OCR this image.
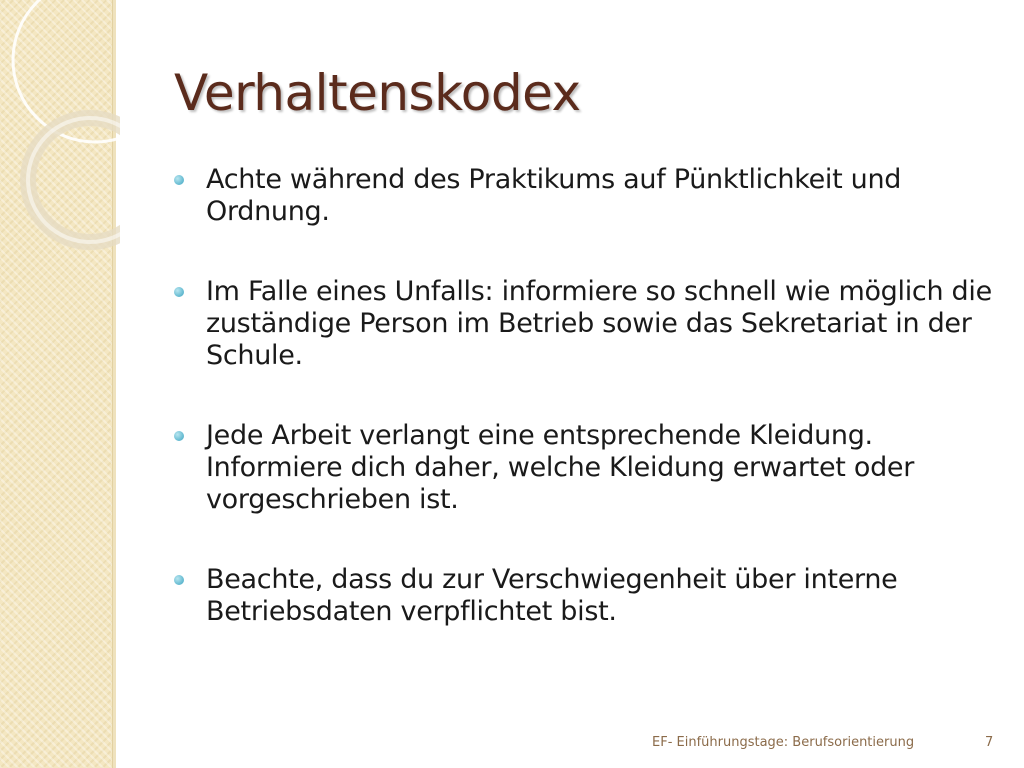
Verhaltenskodex
Achte während des Praktikums auf Pünktlichkeit und Ordnung.
Im Falle eines Unfalls: informiere so schnell wie möglich die zuständige Person im Betrieb sowie das Sekretariat in der Schule.
Jede Arbeit verlangt eine entsprechende Kleidung. Informiere dich daher, welche Kleidung erwartet oder vorgeschrieben ist.
Beachte, dass du zur Verschwiegenheit über interne Betriebsdaten verpflichtet bist.
EF- Einführungstage: Berufsorientierung	7
